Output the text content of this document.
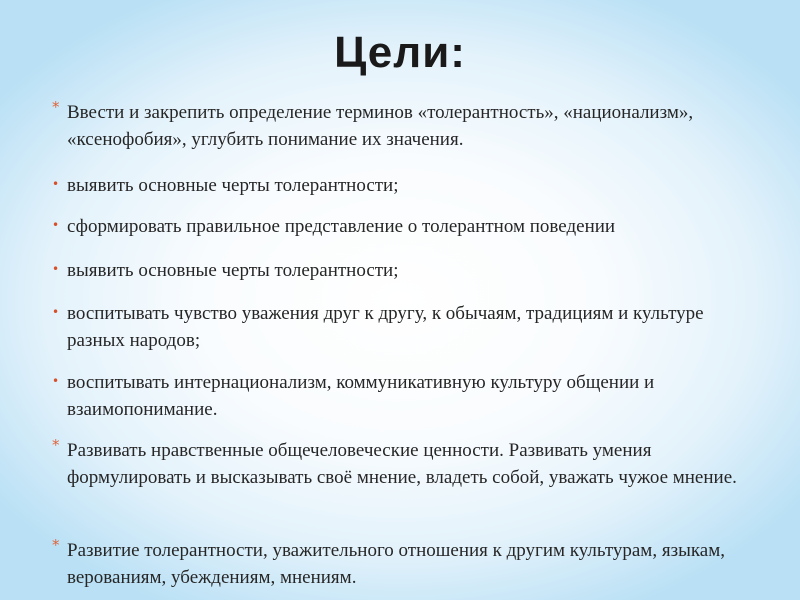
Цели:
* Ввести и закрепить определение терминов «толерантность», «национализм», «ксенофобия», углубить понимание их значения.
• выявить основные черты толерантности;
• сформировать правильное представление о толерантном поведении
• выявить основные черты толерантности;
• воспитывать чувство уважения друг к другу, к обычаям, традициям и культуре разных народов;
• воспитывать интернационализм, коммуникативную культуру общении и взаимопонимание.
* Развивать нравственные общечеловеческие ценности. Развивать умения формулировать и высказывать своё мнение, владеть собой, уважать чужое мнение.
* Развитие толерантности, уважительного отношения к другим культурам, языкам, верованиям, убеждениям, мнениям.
